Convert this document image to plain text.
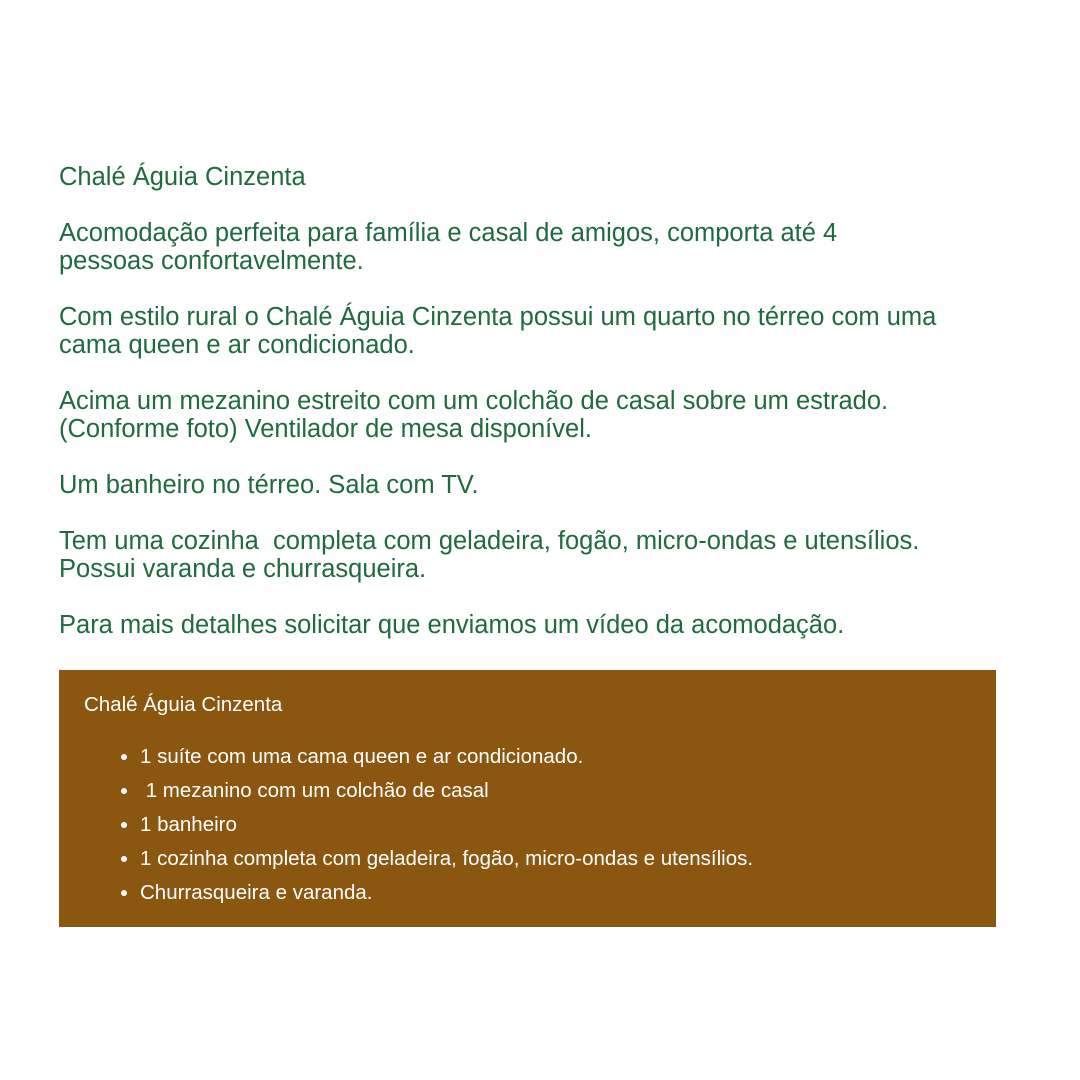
Chalé Águia Cinzenta

Acomodação perfeita para família e casal de amigos, comporta até 4
pessoas confortavelmente.

Com estilo rural o Chalé Águia Cinzenta possui um quarto no térreo com uma
cama queen e ar condicionado.

Acima um mezanino estreito com um colchão de casal sobre um estrado.
(Conforme foto) Ventilador de mesa disponível.

Um banheiro no térreo. Sala com TV.

Tem uma cozinha  completa com geladeira, fogão, micro-ondas e utensílios.
Possui varanda e churrasqueira.

Para mais detalhes solicitar que enviamos um vídeo da acomodação.

Chalé Águia Cinzenta
• 1 suíte com uma cama queen e ar condicionado.
•  1 mezanino com um colchão de casal
• 1 banheiro
• 1 cozinha completa com geladeira, fogão, micro-ondas e utensílios.
• Churrasqueira e varanda.
